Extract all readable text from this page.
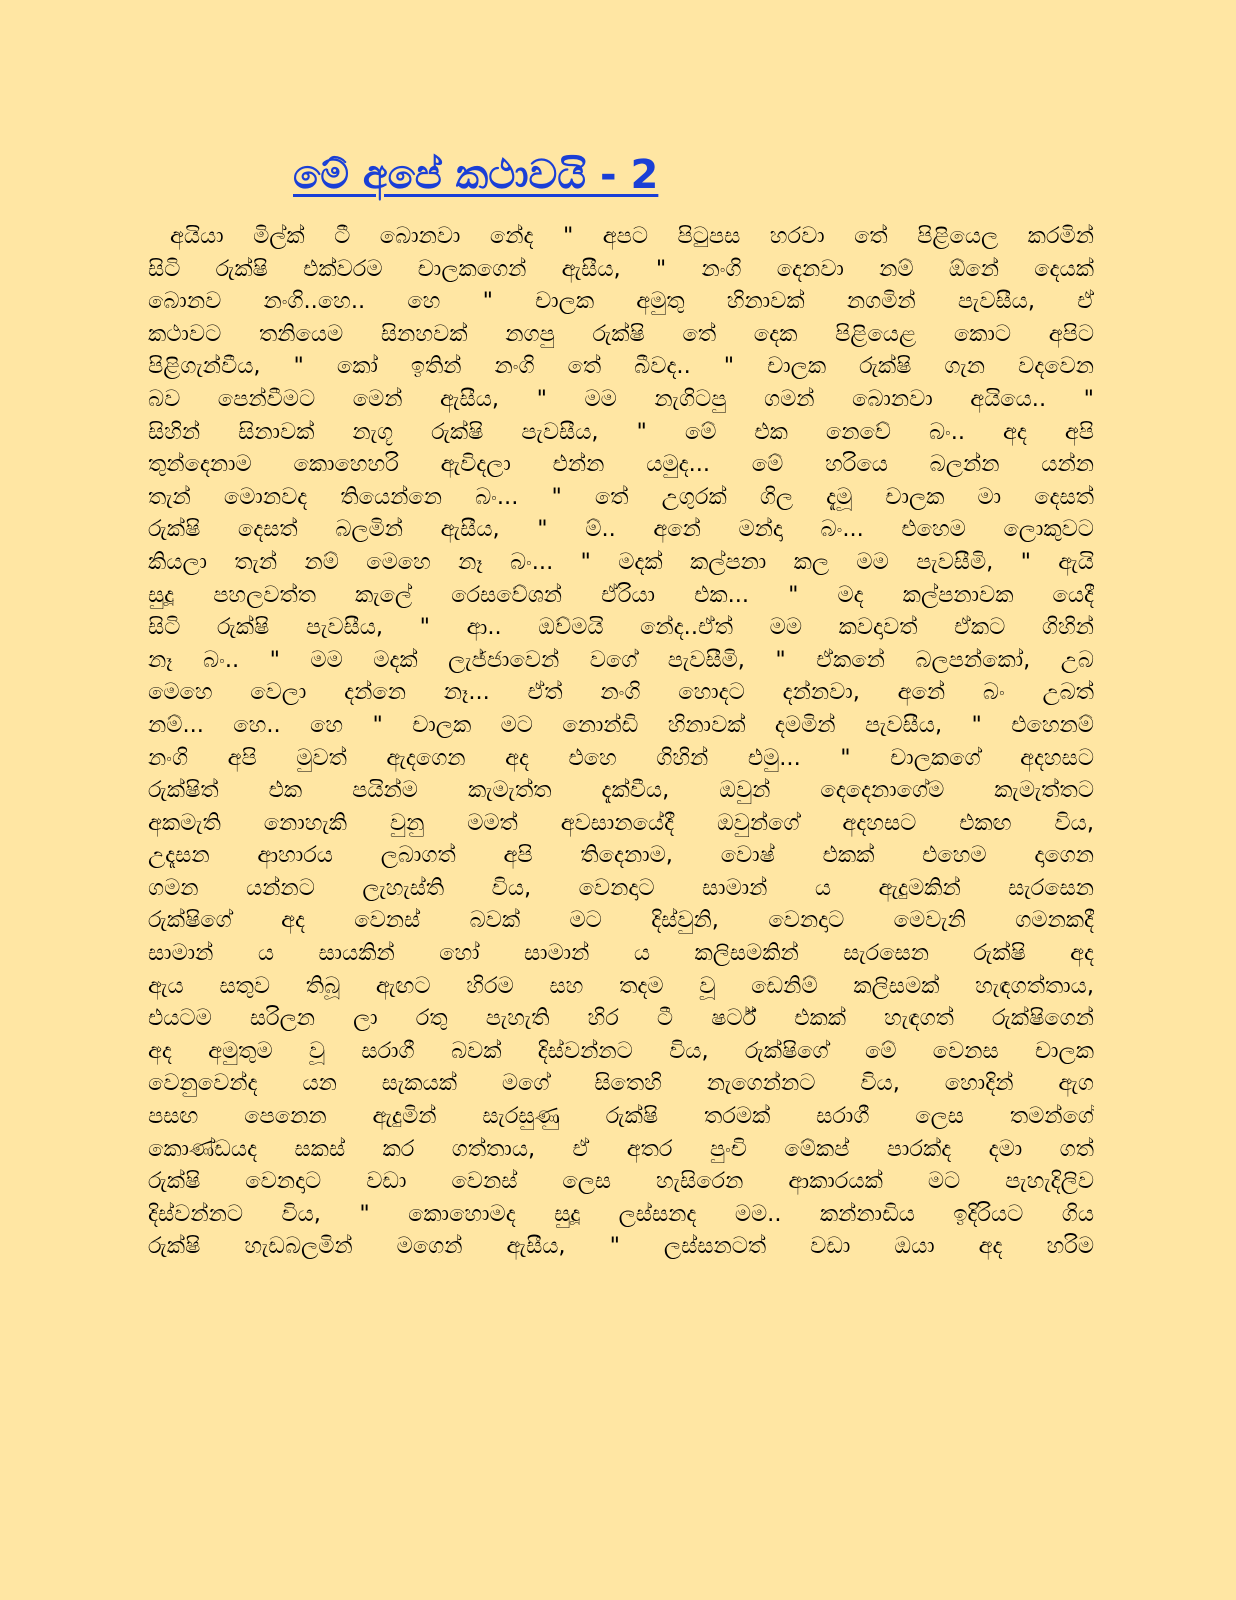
මේ අපේ කථාවයි - 2
අයියා මිල්ක් ටී බොනවා නේද " අපට පිටුපස හරවා තේ පිළියෙල කරමින්
සිටි රුක්ෂි එක්වරම චාලකගෙන් ඇසීය, " නංගි දෙනවා නම් ඕනේ දෙයක්
බොනව නංගි..හෙ.. හෙ " චාලක අමුතු හිනාවක් නගමින් පැවසීය, ඒ
කථාවට තනියෙම සිනහවක් නගපු රුක්ෂි තේ දෙක පිළියෙළ කොට අපිට
පිළිගැන්වීය, " කෝ ඉතින් නංගි තේ බීවද.. " චාලක රුක්ෂි ගැන වදවෙන
බව පෙන්වීමට මෙන් ඇසීය, " මම නැගිටපු ගමන් බොනවා අයියෙ.. "
සිහින් සිනාවක් නැගූ රුක්ෂි පැවසීය, " මේ එක නෙවේ බං.. අද අපි
තුන්දෙනාම කොහෙහරි ඇවිදලා එන්න යමුද... මේ හරියෙ බලන්න යන්න
තැන් මොනවද තියෙන්නෙ බං... " තේ උගුරක් ගිල දැමූ චාලක මා දෙසත්
රුක්ෂි දෙසත් බලමින් ඇසීය, " ම්.. අනේ මන්දා බං... එහෙම ලොකුවට
කියලා තැන් නම් මෙහෙ නෑ බං... " මදක් කල්පනා කල මම පැවසීමි, " ඇයි
සුදූ පහලවත්ත කැලේ රෙසවේශන් ඒරියා එක... " මද කල්පනාවක යෙදී
සිටි රුක්ෂි පැවසීය, " ආ.. ඔව්මයි නේද..ඒත් මම කවදාවත් ඒකට ගිහින්
නෑ බං.. " මම මදක් ලැජ්ජාවෙන් වගේ පැවසීමි, " ඒකනේ බලපන්කෝ, උබ
මෙහෙ වෙලා දන්නෙ නෑ... ඒත් නංගි හොදට දන්නවා, අනේ බං උබත්
නම්... හෙ.. හෙ " චාලක මට නොන්ඩි හිනාවක් දමමින් පැවසීය, " එහෙනම්
නංගි අපි මුවත් ඇදගෙන අද එහෙ ගිහින් එමු... " චාලකගේ අදහසට
රුක්ෂිත් එක පයින්ම කැමැත්ත දැක්වීය, ඔවුන් දෙදෙනාගේම කැමැත්තට
අකමැති නොහැකි වුනු මමත් අවසානයේදී ඔවුන්ගේ අදහසට එකඟ විය,
උදෑසන ආහාරය ලබාගත් අපි තිදෙනාම, වොෂ් එකක් එහෙම දාගෙන
ගමන යන්නට ලැහැස්ති විය, වෙනදාට සාමාන් ය ඇදුමකින් සැරසෙන
රුක්ෂිගේ අද වෙනස් බවක් මට දිස්වුනි, වෙනදාට මෙවැනි ගමනකදී
සාමාන් ය සායකින් හෝ සාමාන් ය කලිසමකින් සැරසෙන රුක්ෂි අද
ඇය සතුව තිබූ ඇඟට හිරම සහ තදම වූ ඩෙනිම් කලිසමක් හැඳගත්තාය,
එයටම සරිලන ලා රතු පැහැති හිර ටී ෂර්ට් එකක් හැඳගත් රුක්ෂිගෙන්
අද අමුතුම වූ සරාගී බවක් දිස්වන්නට විය, රුක්ෂිගේ මේ වෙනස චාලක
වෙනුවෙන්ද යන සැකයක් මගේ සිතෙහි නැගෙන්නට විය, හොදින් ඇග
පසඟ පෙනෙන ඇදුමින් සැරසුණු රුක්ෂි තරමක් සරාගී ලෙස තමන්ගේ
කොණ්ඩයද සකස් කර ගත්තාය, ඒ අතර පුංචි මේකප් පාරක්ද දමා ගත්
රුක්ෂි වෙනදාට වඩා වෙනස් ලෙස හැසිරෙන ආකාරයක් මට පැහැදිලිව
දිස්වන්නට විය, " කොහොමද සුදූ ලස්සනද මම.. කන්නාඩිය ඉදිරියට ගිය
රුක්ෂි හැඩබලමින් මගෙන් ඇසීය, " ලස්සනටත් වඩා ඔයා අද හරිම
